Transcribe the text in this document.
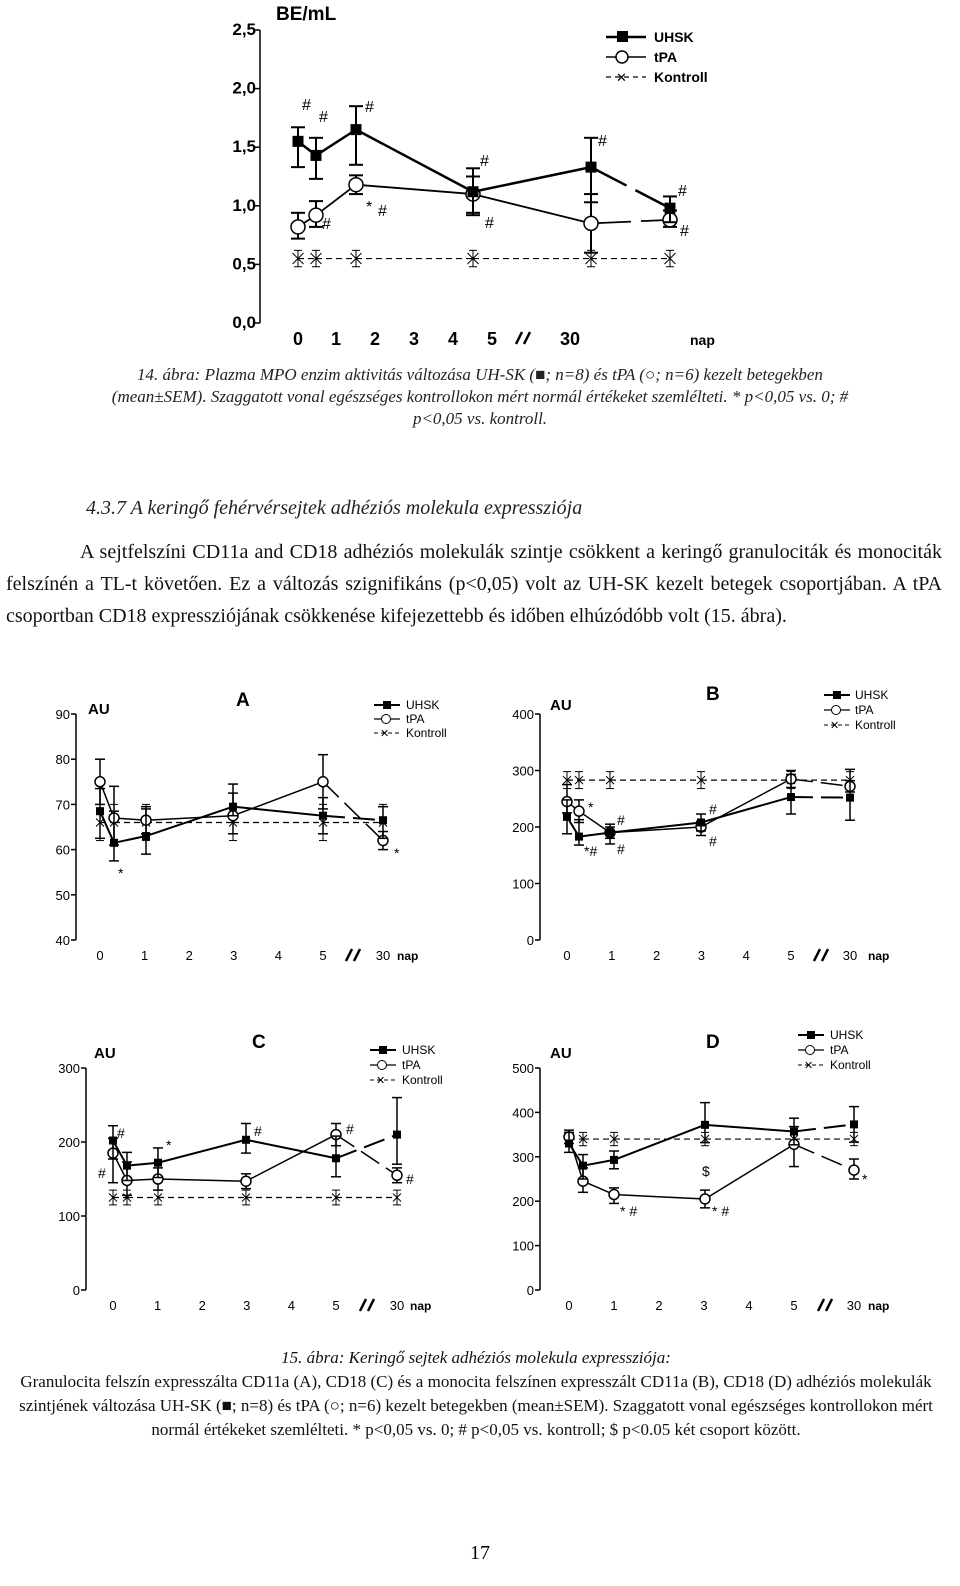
BE/mL
0,0
0,5
1,0
1,5
2,0
2,5
0 1 2 3 4 5	30	nap
UHSK
tPA
✕ Kontroll
#
#
#
#
#
#
*
#
#
#	#
14. ábra: Plazma MPO enzim aktivitás változása UH-SK (■; n=8) és tPA (○; n=6) kezelt betegekben
(mean±SEM). Szaggatott vonal egészséges kontrollokon mért normál értékeket szemlélteti. * p<0,05 vs. 0; #
p<0,05 vs. kontroll.
4.3.7 A keringő fehérvérsejtek adhéziós molekula expressziója
A sejtfelszíni CD11a and CD18 adhéziós molekulák szintje csökkent a keringő granulociták és monociták felszínén a TL-t követően. Ez a változás szignifikáns (p<0,05) volt az UH-SK kezelt betegek csoportjában. A tPA csoportban CD18 expressziójának csökkenése kifejezettebb és időben elhúzódóbb volt (15. ábra).
AU	A
40
50
60
70
80
90
0	1	2	3	4	5	30 nap
UHSK
tPA
✕ Kontroll
*
*
AU
B
0
100
200
300
400
0	1	2	3	4	5	30 nap
UHSK
tPA
✕ Kontroll
*
*#
#
#
#
#
AU
C
0
100
200
300
0	1	2	3	4	5	30 nap
UHSK
tPA
✕ Kontroll
#
#
*
#	#
#
AU
D
0
100
200
300
400
500
0	1	2	3	4	5	30 nap
UHSK
tPA
✕ Kontroll
* #	* #
$	*
15. ábra: Keringő sejtek adhéziós molekula expressziója:
Granulocita felszín expresszálta CD11a (A), CD18 (C) és a monocita felszínen expresszált CD11a (B), CD18 (D) adhéziós molekulák szintjének változása UH-SK (■; n=8) és tPA (○; n=6) kezelt betegekben (mean±SEM). Szaggatott vonal egészséges kontrollokon mért normál értékeket szemlélteti. * p<0,05 vs. 0; # p<0,05 vs. kontroll; $ p<0.05 két csoport között.
17
